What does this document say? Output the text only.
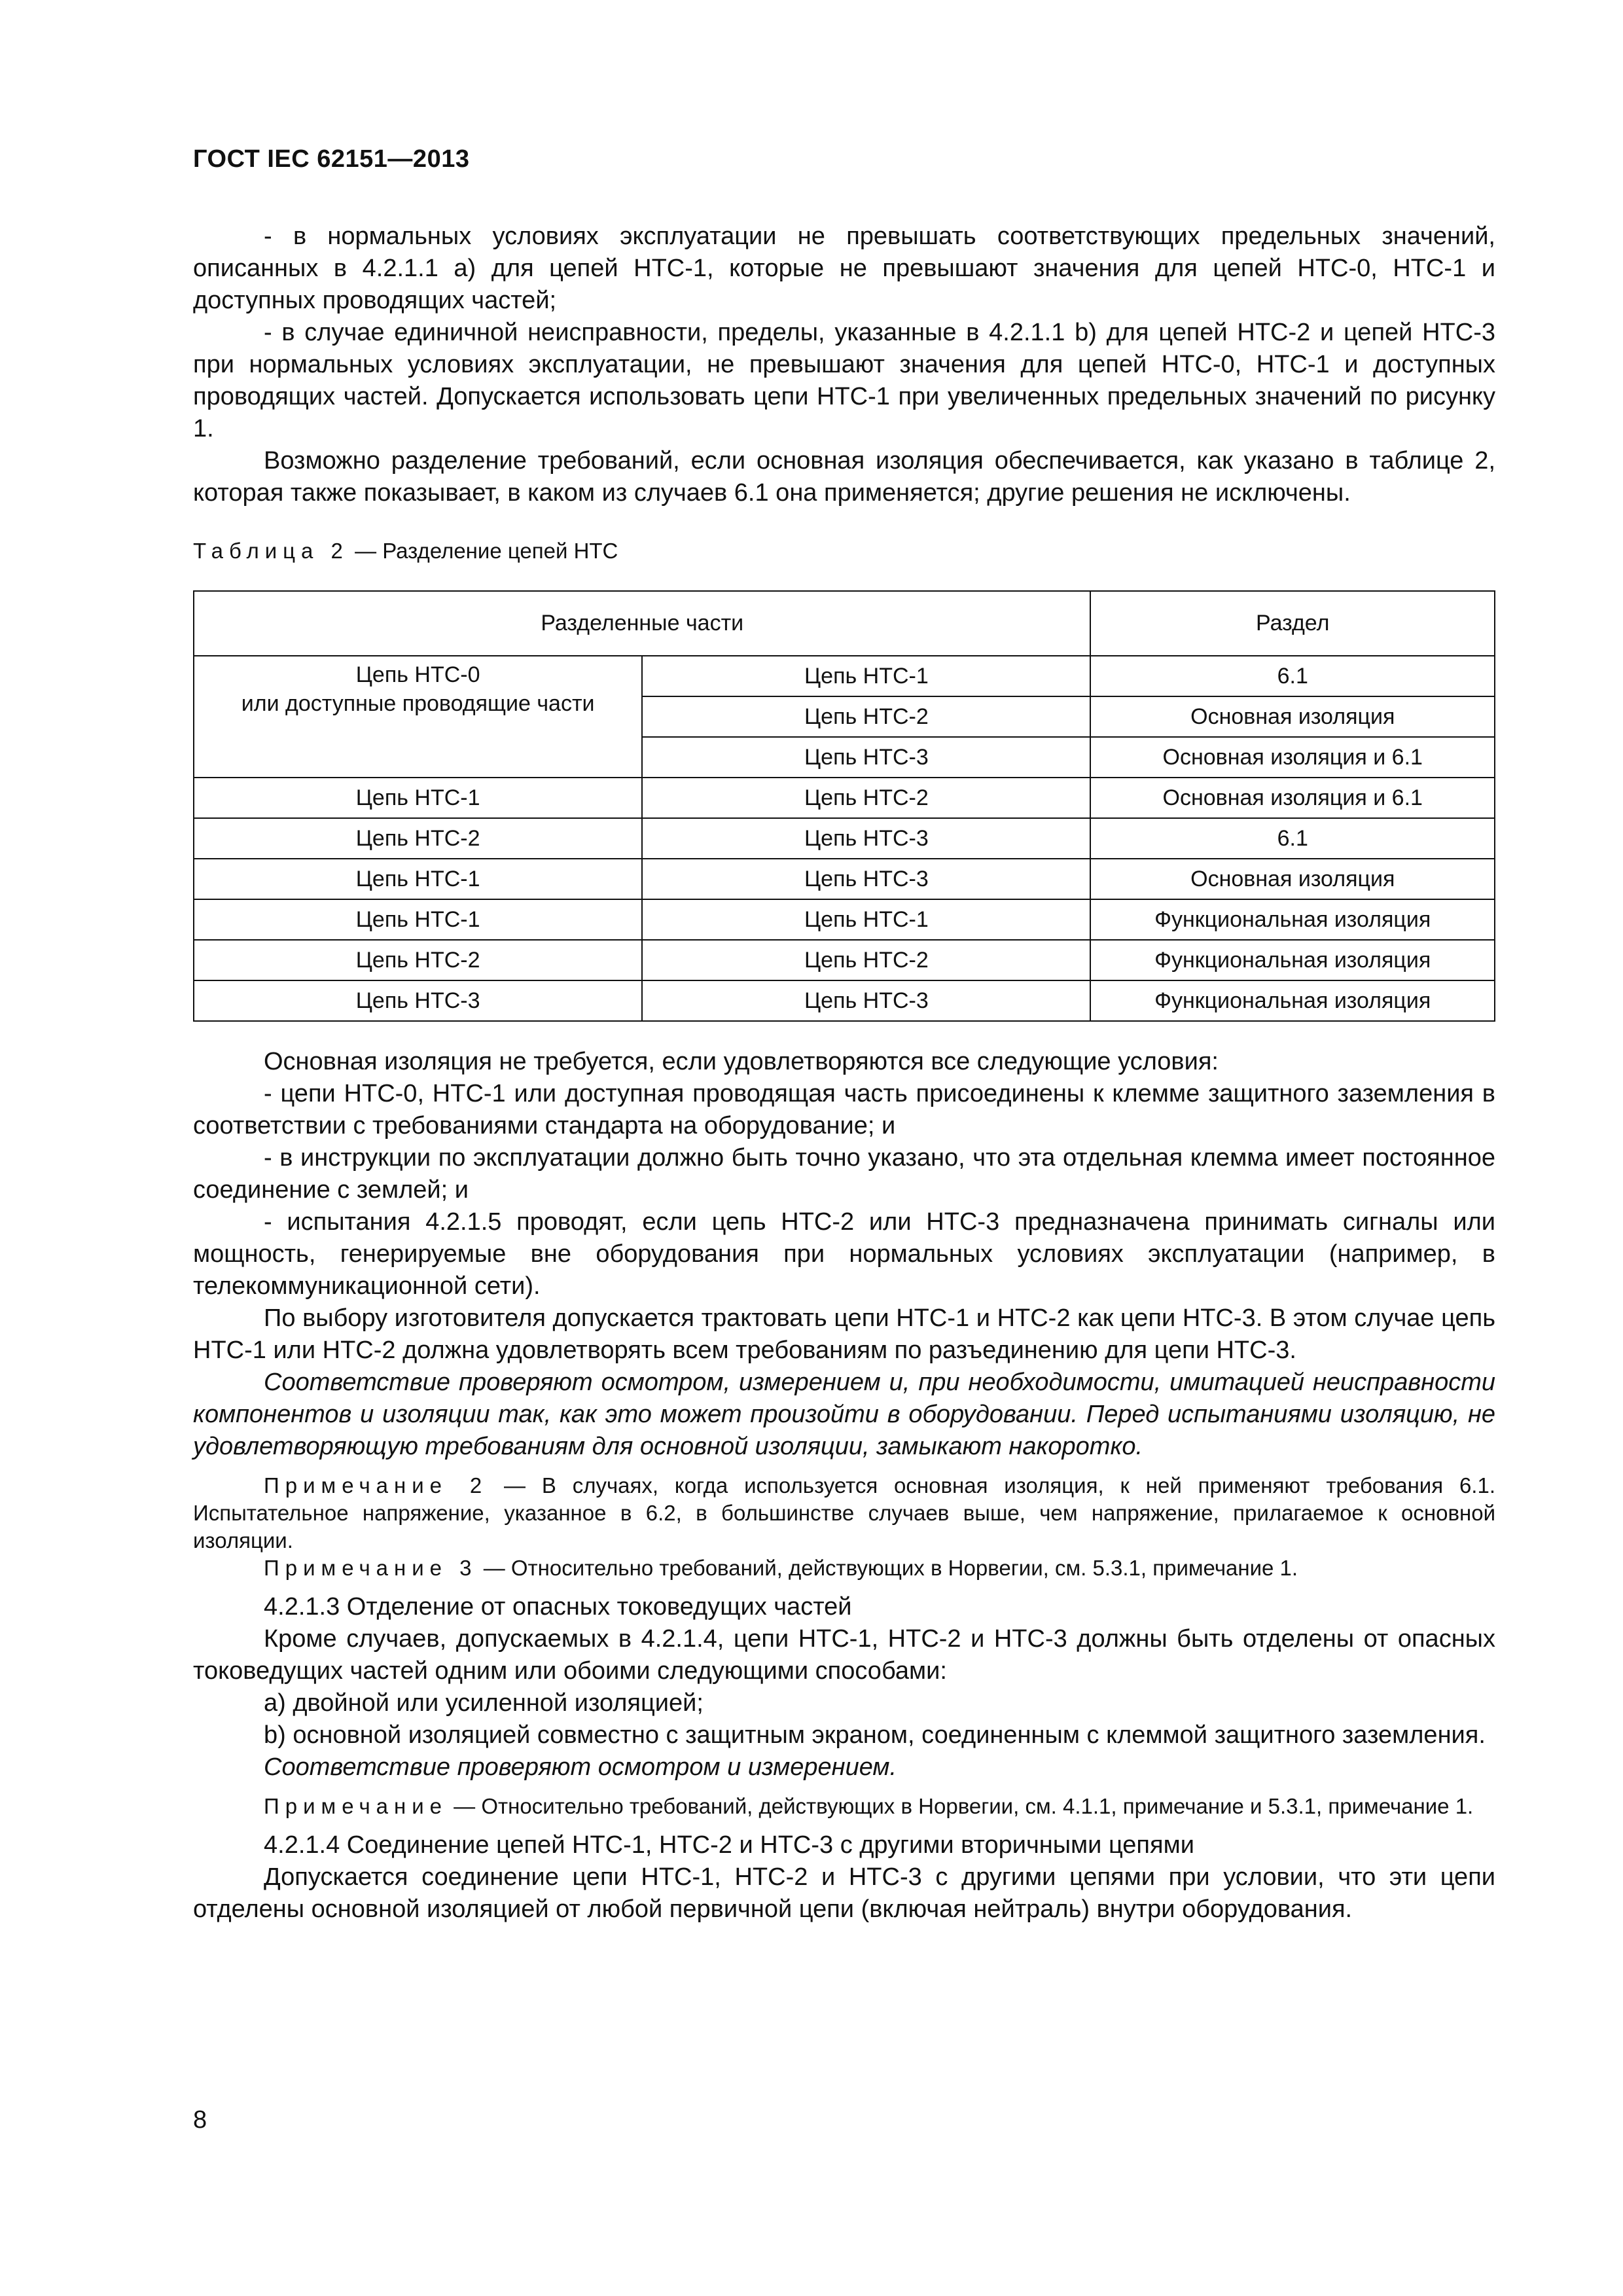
ГОСТ IEC 62151—2013

- в нормальных условиях эксплуатации не превышать соответствующих предельных значений, описанных в 4.2.1.1 а) для цепей НТС-1, которые не превышают значения для цепей НТС-0, НТС-1 и доступных проводящих частей;

- в случае единичной неисправности, пределы, указанные в 4.2.1.1 b) для цепей НТС-2 и цепей НТС-3 при нормальных условиях эксплуатации, не превышают значения для цепей НТС-0, НТС-1 и доступных проводящих частей. Допускается использовать цепи НТС-1 при увеличенных предельных значений по рисунку 1.

Возможно разделение требований, если основная изоляция обеспечивается, как указано в таблице 2, которая также показывает, в каком из случаев 6.1 она применяется; другие решения не исключены.

Таблица 2 — Разделение цепей НТС
Разделенные части		Раздел

Цепь НТС-0
или доступные проводящие части	Цепь НТС-1	6.1
	Цепь НТС-2	Основная изоляция
	Цепь НТС-3	Основная изоляция и 6.1
Цепь НТС-1	Цепь НТС-2	Основная изоляция и 6.1
Цепь НТС-2	Цепь НТС-3	6.1
Цепь НТС-1	Цепь НТС-3	Основная изоляция
Цепь НТС-1	Цепь НТС-1	Функциональная изоляция
Цепь НТС-2	Цепь НТС-2	Функциональная изоляция
Цепь НТС-3	Цепь НТС-3	Функциональная изоляция

Основная изоляция не требуется, если удовлетворяются все следующие условия:

- цепи НТС-0, НТС-1 или доступная проводящая часть присоединены к клемме защитного заземления в соответствии с требованиями стандарта на оборудование; и

- в инструкции по эксплуатации должно быть точно указано, что эта отдельная клемма имеет постоянное соединение с землей; и

- испытания 4.2.1.5 проводят, если цепь НТС-2 или НТС-3 предназначена принимать сигналы или мощность, генерируемые вне оборудования при нормальных условиях эксплуатации (например, в телекоммуникационной сети).

По выбору изготовителя допускается трактовать цепи НТС-1 и НТС-2 как цепи НТС-3. В этом случае цепь НТС-1 или НТС-2 должна удовлетворять всем требованиям по разъединению для цепи НТС-3.

Соответствие проверяют осмотром, измерением и, при необходимости, имитацией неисправности компонентов и изоляции так, как это может произойти в оборудовании. Перед испытаниями изоляцию, не удовлетворяющую требованиям для основной изоляции, замыкают накоротко.

Примечание 2 — В случаях, когда используется основная изоляция, к ней применяют требования 6.1. Испытательное напряжение, указанное в 6.2, в большинстве случаев выше, чем напряжение, прилагаемое к основной изоляции.

Примечание 3 — Относительно требований, действующих в Норвегии, см. 5.3.1, примечание 1.

4.2.1.3 Отделение от опасных токоведущих частей

Кроме случаев, допускаемых в 4.2.1.4, цепи НТС-1, НТС-2 и НТС-3 должны быть отделены от опасных токоведущих частей одним или обоими следующими способами:

а) двойной или усиленной изоляцией;

b) основной изоляцией совместно с защитным экраном, соединенным с клеммой защитного заземления.

Соответствие проверяют осмотром и измерением.

Примечание — Относительно требований, действующих в Норвегии, см. 4.1.1, примечание и 5.3.1, примечание 1.

4.2.1.4 Соединение цепей НТС-1, НТС-2 и НТС-3 с другими вторичными цепями

Допускается соединение цепи НТС-1, НТС-2 и НТС-3 с другими цепями при условии, что эти цепи отделены основной изоляцией от любой первичной цепи (включая нейтраль) внутри оборудования.

8
